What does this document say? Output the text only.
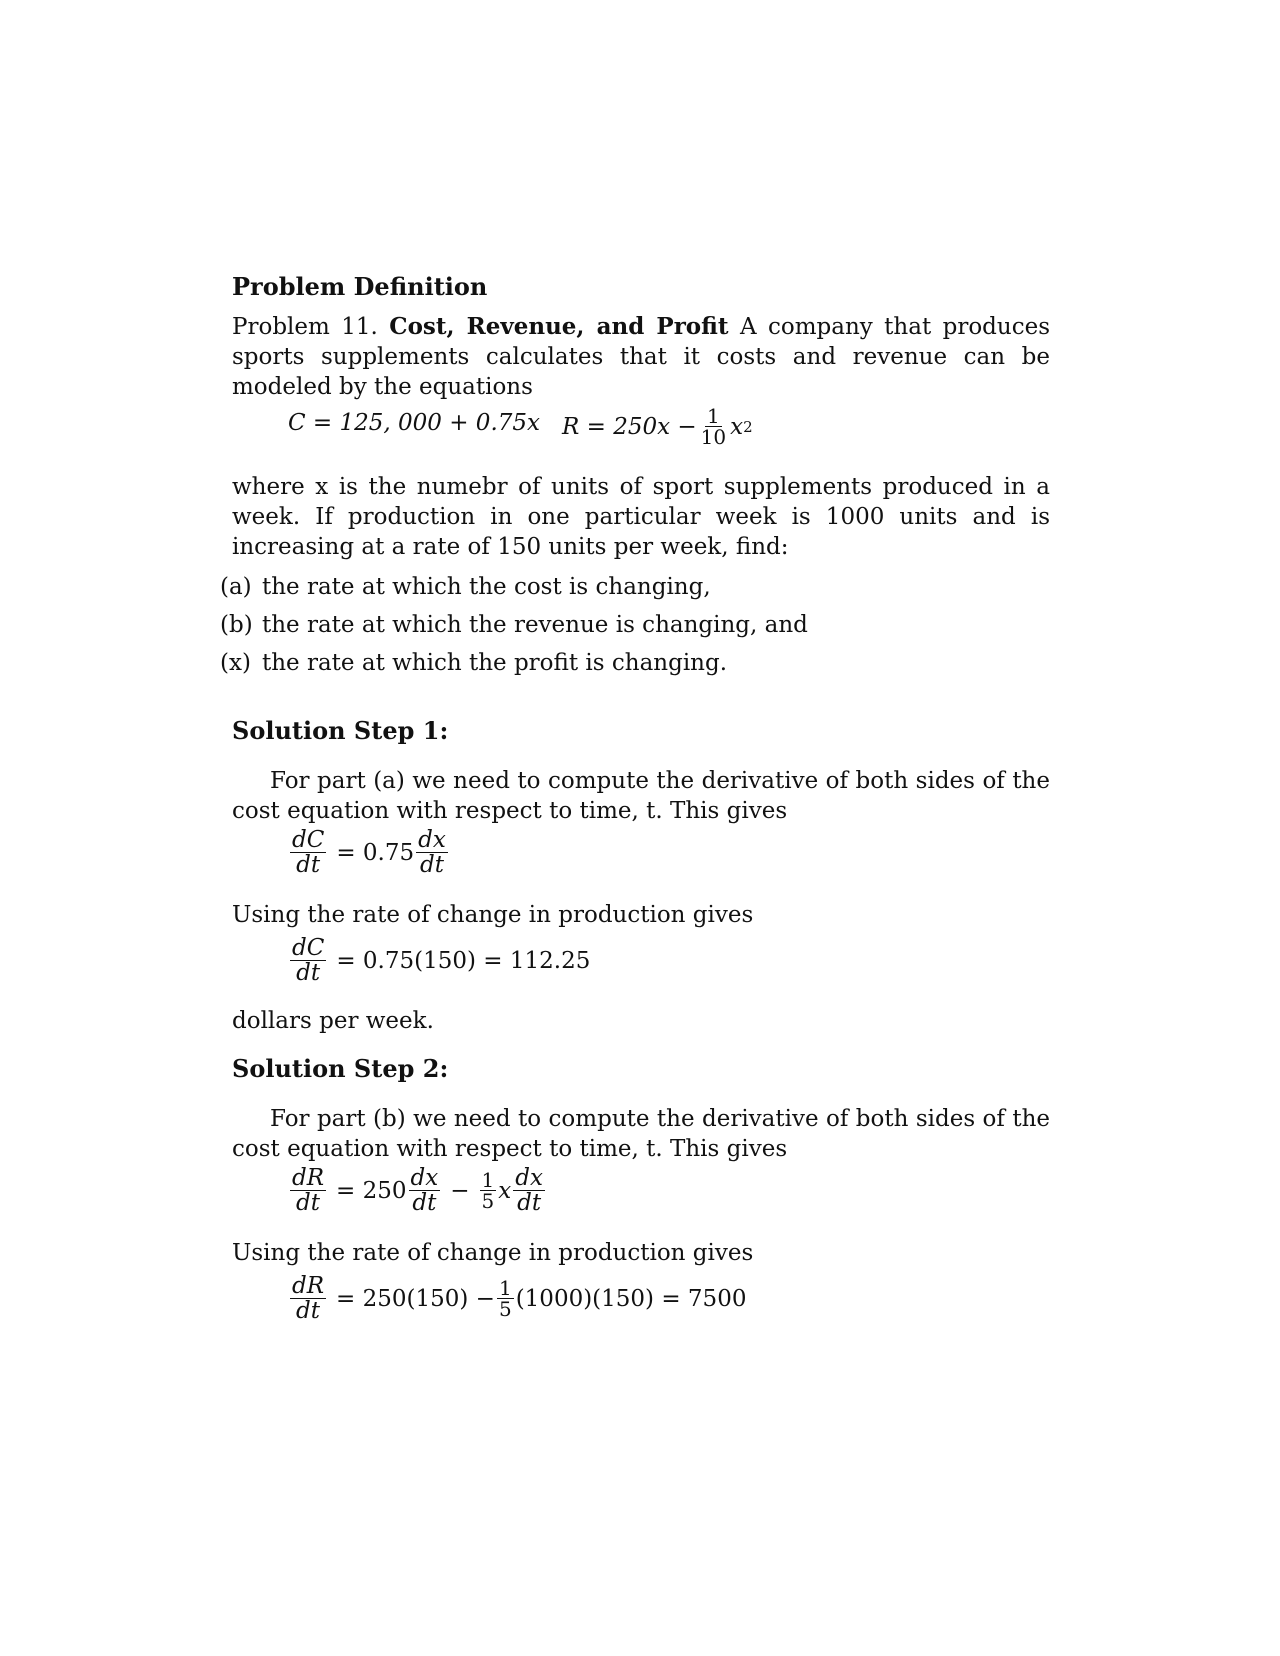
Problem Definition

Problem 11. Cost, Revenue, and Profit A company that produces sports supplements calculates that it costs and revenue can be modeled by the equations

C = 125, 000 + 0.75x $R = 250x - \frac{1}{10}$ x 2

where x is the numebr of units of sport supplements produced in a week. If production in one particular week is 1000 units and is increasing at a rate of 150 units per week, find:

(a) the rate at which the cost is changing,
(b) the rate at which the revenue is changing, and
(x) the rate at which the profit is changing.
Solution Step 1:

For part (a) we need to compute the derivative of both sides of the cost equation with respect to time, t. This gives

$\frac{dC}{dt} = 0.75 \frac{dx}{dt}$

Using the rate of change in production gives

$\frac{dC}{dt} = 0.75(150) = 112.25$

dollars per week.

Solution Step 2:

For part (b) we need to compute the derivative of both sides of the cost equation with respect to time, t. This gives

$\frac{dR}{dt} = 250 \frac{dx}{dt} - \frac{1}{5}$ x $\frac{dx}{dt}$

Using the rate of change in production gives

$\frac{dR}{dt} = 250(150) - \frac{1}{5} (1000)(150) = 7500$
